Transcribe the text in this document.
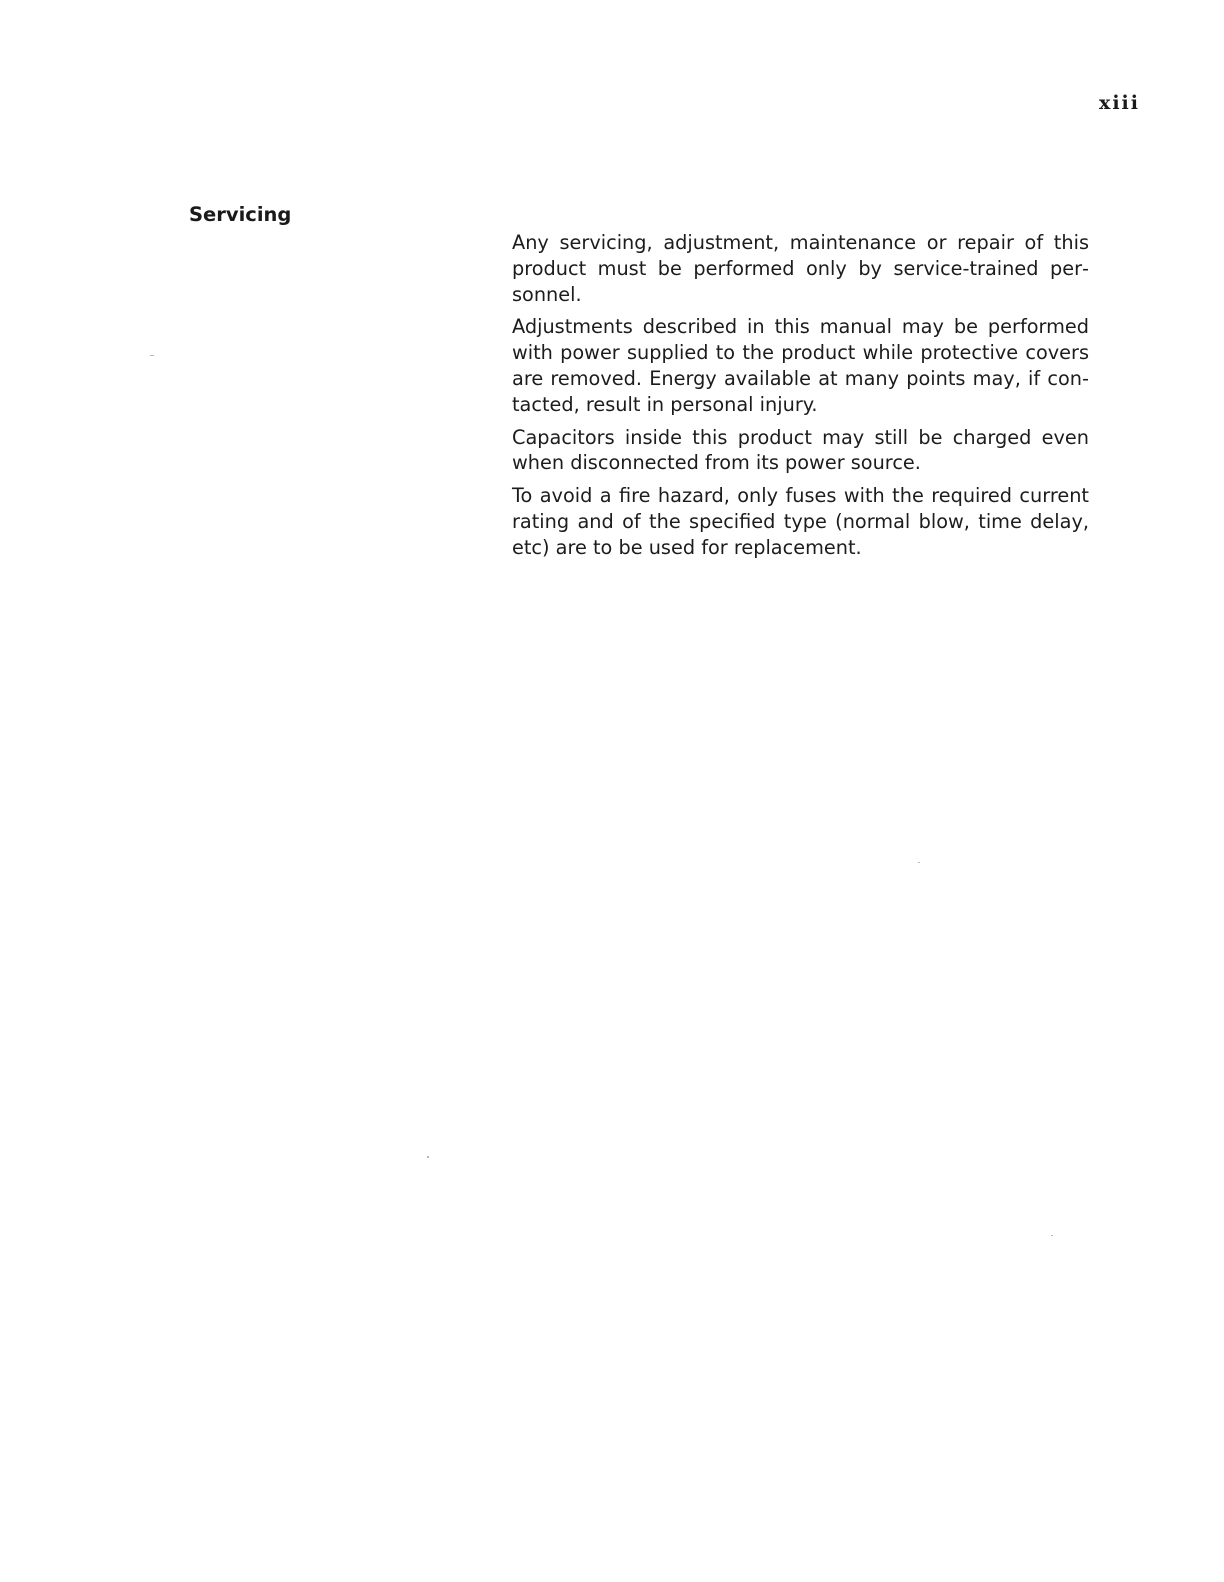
xiii
Servicing

Any servicing, adjustment, maintenance or repair of this product must be performed only by service-trained personnel.

Adjustments described in this manual may be performed with power supplied to the product while protective covers are removed. Energy available at many points may, if contacted, result in personal injury.

Capacitors inside this product may still be charged even when disconnected from its power source.

To avoid a fire hazard, only fuses with the required current rating and of the specified type (normal blow, time delay, etc) are to be used for replacement.
